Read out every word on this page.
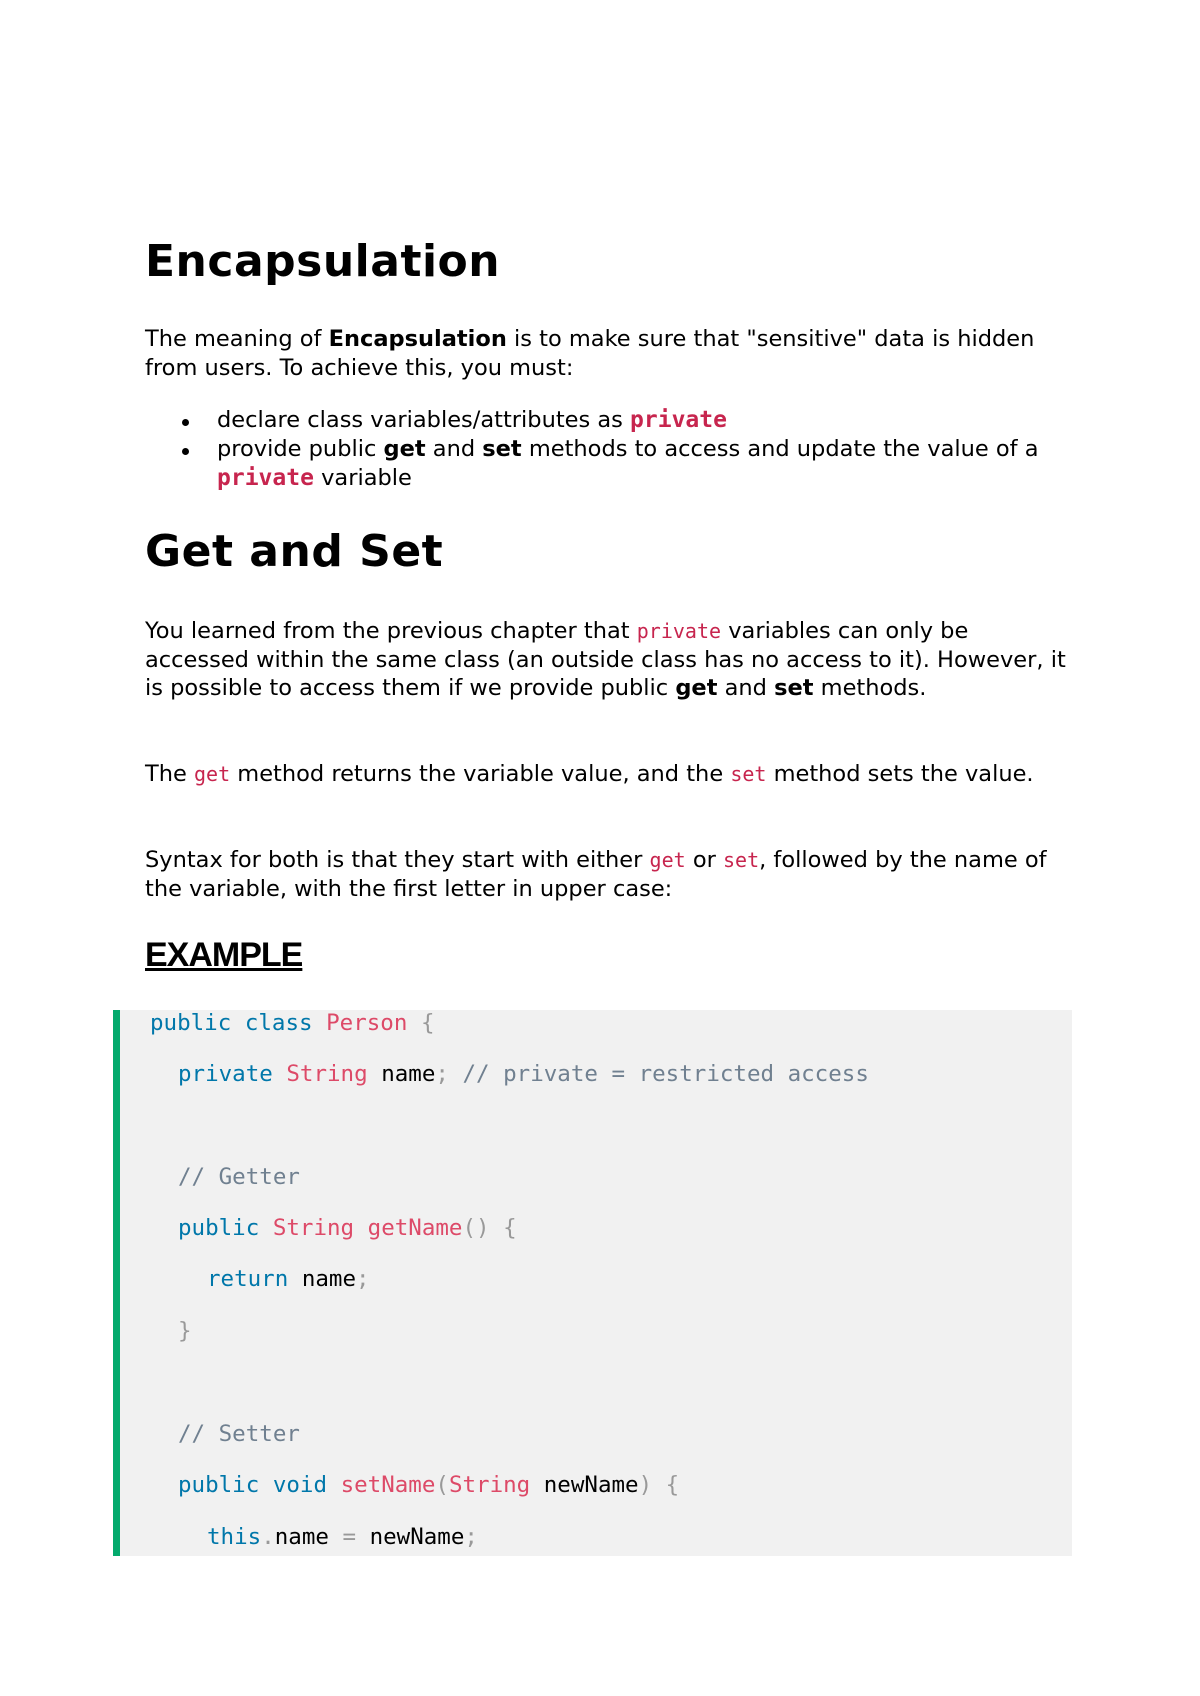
Encapsulation

The meaning of Encapsulation is to make sure that "sensitive" data is hidden from users. To achieve this, you must:

declare class variables/attributes as private
provide public get and set methods to access and update the value of a private variable
Get and Set

You learned from the previous chapter that private variables can only be accessed within the same class (an outside class has no access to it). However, it is possible to access them if we provide public get and set methods.

The get method returns the variable value, and the set method sets the value.

Syntax for both is that they start with either get or set, followed by the name of the variable, with the first letter in upper case:

EXAMPLE
public class Person {
private String name; // private = restricted access
// Getter
public String getName() {
return name;
}
// Setter
public void setName(String newName) {
this.name = newName;
